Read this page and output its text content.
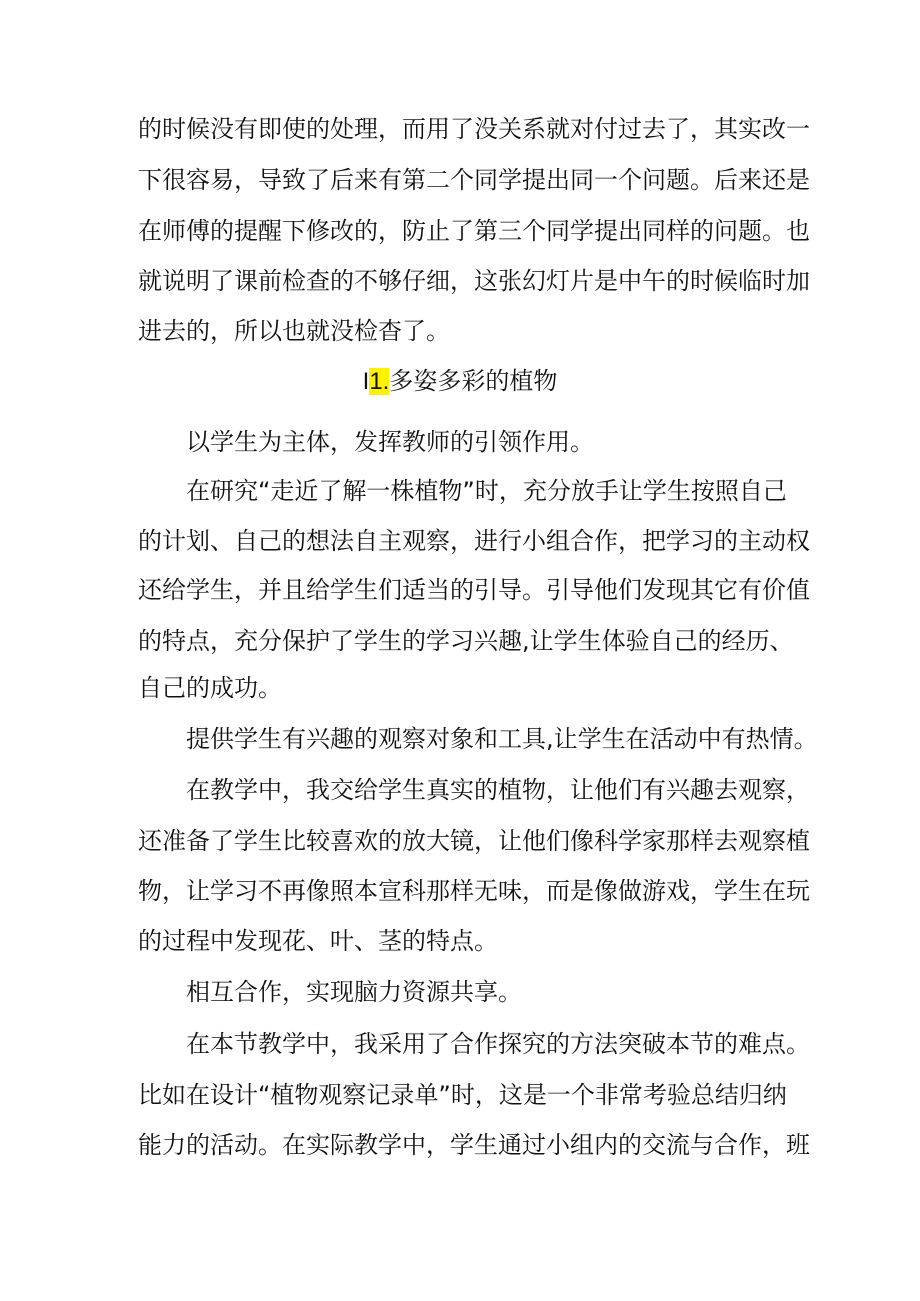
的时候没有即使的处理，而用了没关系就对付过去了，其实改一
下很容易，导致了后来有第二个同学提出同一个问题。后来还是
在师傅的提醒下修改的，防止了第三个同学提出同样的问题。也
就说明了课前检查的不够仔细，这张幻灯片是中午的时候临时加
进去的，所以也就没检杳了。
I1.多姿多彩的植物
以学生为主体，发挥教师的引领作用。
在研究“走近了解一株植物”时，充分放手让学生按照自己
的计划、自己的想法自主观察，进行小组合作，把学习的主动权
还给学生，并且给学生们适当的引导。引导他们发现其它有价值
的特点，充分保护了学生的学习兴趣,让学生体验自己的经历、
自己的成功。
提供学生有兴趣的观察对象和工具,让学生在活动中有热情。
在教学中，我交给学生真实的植物，让他们有兴趣去观察，
还准备了学生比较喜欢的放大镜，让他们像科学家那样去观察植
物，让学习不再像照本宣科那样无味，而是像做游戏，学生在玩
的过程中发现花、叶、茎的特点。
相互合作，实现脑力资源共享。
在本节教学中，我采用了合作探究的方法突破本节的难点。
比如在设计“植物观察记录单”时，这是一个非常考验总结归纳
能力的活动。在实际教学中，学生通过小组内的交流与合作，班
